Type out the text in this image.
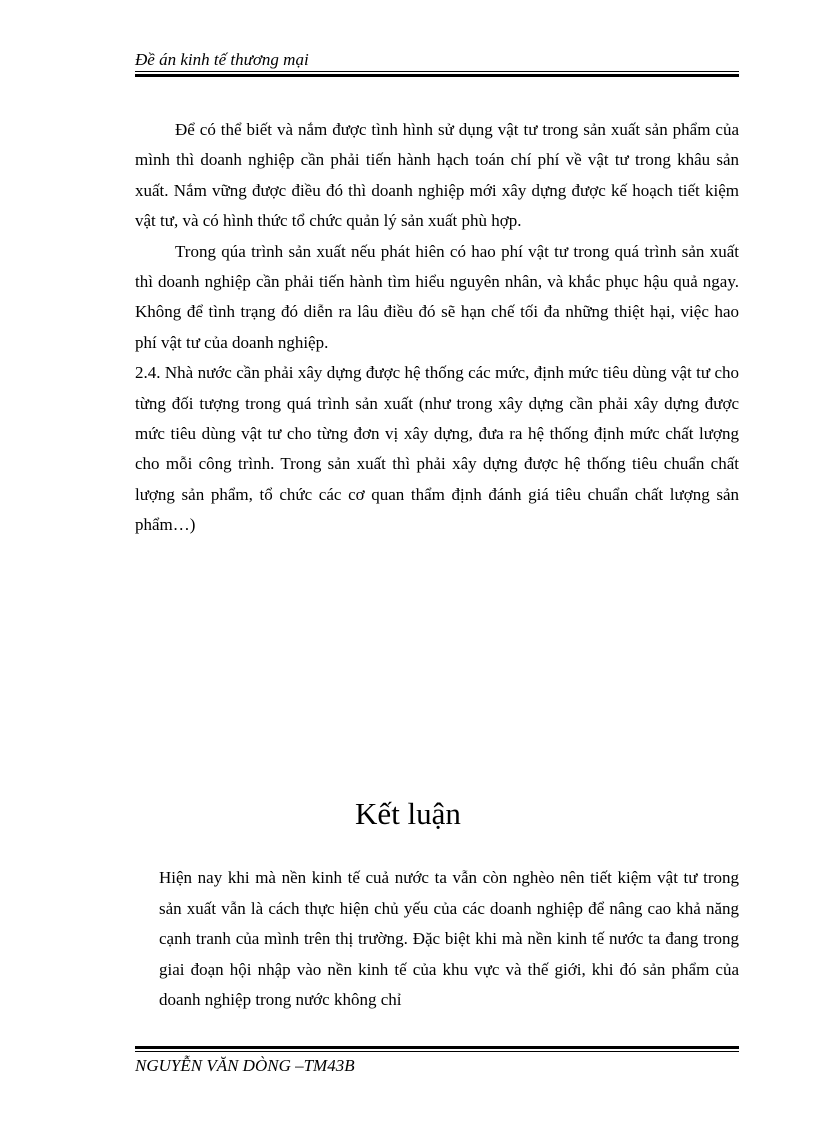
Đề án kinh tế thương mại

Để có thể biết và nắm được tình hình sử dụng vật tư trong sản xuất sản phẩm của mình thì doanh nghiệp cần phải tiến hành hạch toán chí phí về vật tư trong khâu sản xuất. Nắm vững được điều đó thì doanh nghiệp mới xây dựng được kế hoạch tiết kiệm vật tư, và có hình thức tổ chức quản lý sản xuất phù hợp.

Trong qúa trình sản xuất nếu phát hiên có hao phí vật tư trong quá trình sản xuất thì doanh nghiệp cần phải tiến hành tìm hiểu nguyên nhân, và khắc phục hậu quả ngay. Không để tình trạng đó diễn ra lâu điều đó sẽ hạn chế tối đa những thiệt hại, việc hao phí vật tư của doanh nghiệp.

2.4. Nhà nước cần phải xây dựng được hệ thống các mức, định mức tiêu dùng vật tư cho từng đối tượng trong quá trình sản xuất (như trong xây dựng cần phải xây dựng được mức tiêu dùng vật tư cho từng đơn vị xây dựng, đưa ra hệ thống định mức chất lượng cho mỗi công trình. Trong sản xuất thì phải xây dựng được hệ thống tiêu chuẩn chất lượng sản phẩm, tổ chức các cơ quan thẩm định đánh giá tiêu chuẩn chất lượng sản phẩm…)

Kết luận

Hiện nay khi mà nền kinh tế cuả nước ta vẫn còn nghèo nên tiết kiệm vật tư trong sản xuất vẫn là cách thực hiện chủ yếu của các doanh nghiệp để nâng cao khả năng cạnh tranh của mình trên thị trường. Đặc biệt khi mà nền kinh tế nước ta đang trong giai đoạn hội nhập vào nền kinh tế của khu vực và thế giới, khi đó sản phẩm của doanh nghiệp trong nước không chỉ

NGUYỄN VĂN DÒNG –TM43B
